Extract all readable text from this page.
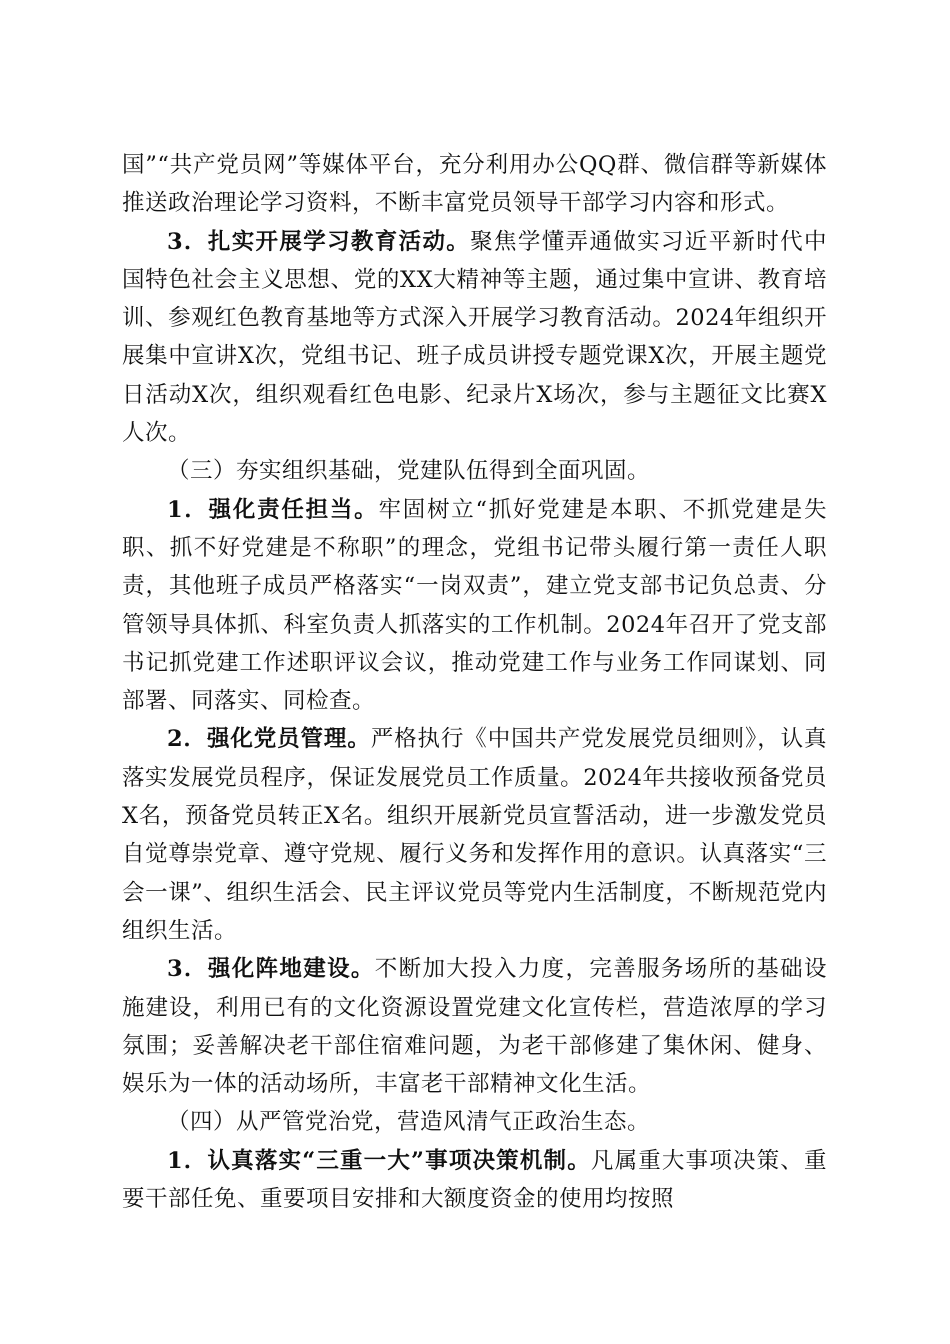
国”“共产党员网”等媒体平台，充分利用办公QQ群、微信群等新媒体推送政治理论学习资料，不断丰富党员领导干部学习内容和形式。

3．扎实开展学习教育活动。聚焦学懂弄通做实习近平新时代中国特色社会主义思想、党的XX大精神等主题，通过集中宣讲、教育培训、参观红色教育基地等方式深入开展学习教育活动。2024年组织开展集中宣讲X次，党组书记、班子成员讲授专题党课X次，开展主题党日活动X次，组织观看红色电影、纪录片X场次，参与主题征文比赛X人次。

（三）夯实组织基础，党建队伍得到全面巩固。

1．强化责任担当。牢固树立“抓好党建是本职、不抓党建是失职、抓不好党建是不称职”的理念，党组书记带头履行第一责任人职责，其他班子成员严格落实“一岗双责”，建立党支部书记负总责、分管领导具体抓、科室负责人抓落实的工作机制。2024年召开了党支部书记抓党建工作述职评议会议，推动党建工作与业务工作同谋划、同部署、同落实、同检查。

2．强化党员管理。严格执行《中国共产党发展党员细则》，认真落实发展党员程序，保证发展党员工作质量。2024年共接收预备党员X名，预备党员转正X名。组织开展新党员宣誓活动，进一步激发党员自觉尊崇党章、遵守党规、履行义务和发挥作用的意识。认真落实“三会一课”、组织生活会、民主评议党员等党内生活制度，不断规范党内组织生活。

3．强化阵地建设。不断加大投入力度，完善服务场所的基础设施建设，利用已有的文化资源设置党建文化宣传栏，营造浓厚的学习氛围；妥善解决老干部住宿难问题，为老干部修建了集休闲、健身、娱乐为一体的活动场所，丰富老干部精神文化生活。

（四）从严管党治党，营造风清气正政治生态。

1．认真落实“三重一大”事项决策机制。凡属重大事项决策、重要干部任免、重要项目安排和大额度资金的使用均按照
